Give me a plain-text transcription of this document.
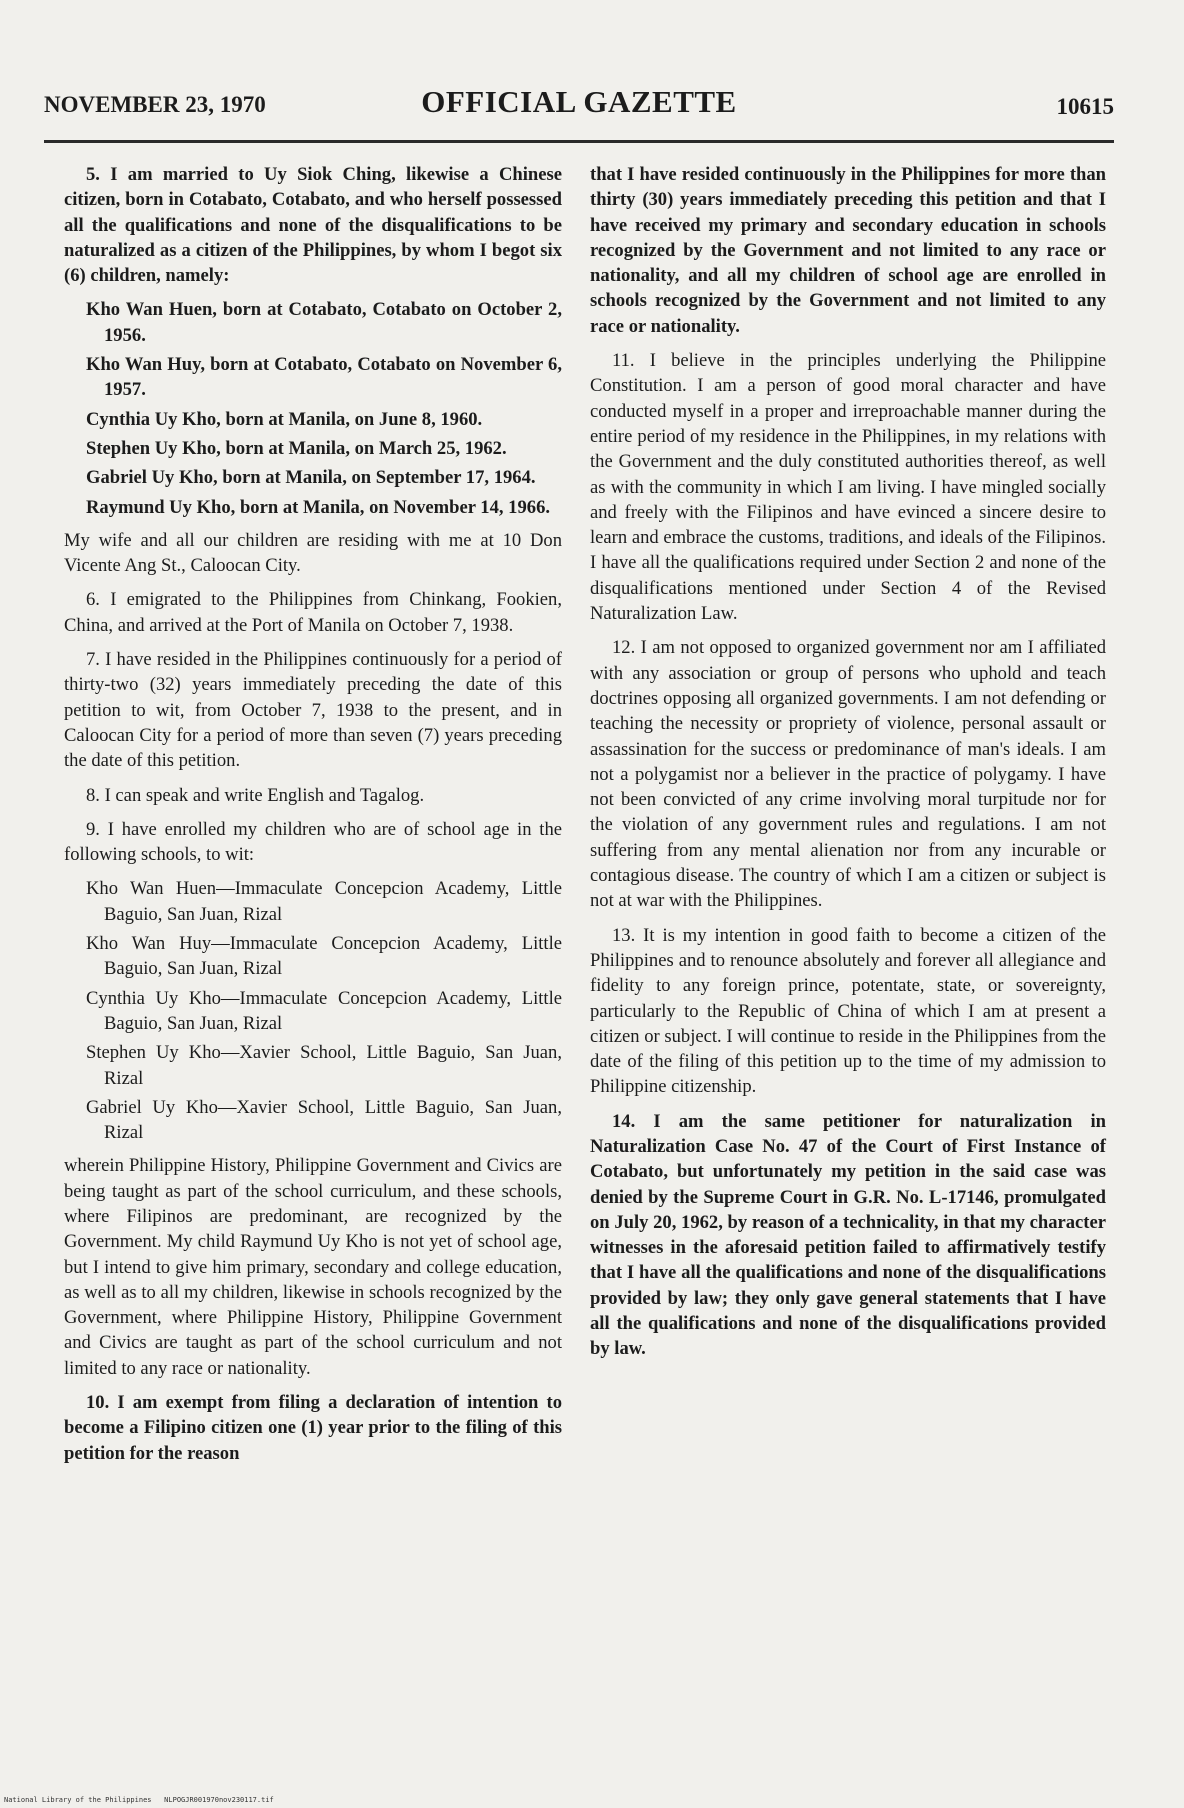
NOVEMBER 23, 1970	OFFICIAL GAZETTE	10615

5. I am married to Uy Siok Ching, likewise a Chinese citizen, born in Cotabato, Cotabato, and who herself possessed all the qualifications and none of the disqualifications to be naturalized as a citizen of the Philippines, by whom I begot six (6) children, namely:

Kho Wan Huen, born at Cotabato, Cotabato on October 2, 1956.

Kho Wan Huy, born at Cotabato, Cotabato on November 6, 1957.

Cynthia Uy Kho, born at Manila, on June 8, 1960.

Stephen Uy Kho, born at Manila, on March 25, 1962.

Gabriel Uy Kho, born at Manila, on September 17, 1964.

Raymund Uy Kho, born at Manila, on November 14, 1966.

My wife and all our children are residing with me at 10 Don Vicente Ang St., Caloocan City.

6. I emigrated to the Philippines from Chinkang, Fookien, China, and arrived at the Port of Manila on October 7, 1938.

7. I have resided in the Philippines continuously for a period of thirty-two (32) years immediately preceding the date of this petition to wit, from October 7, 1938 to the present, and in Caloocan City for a period of more than seven (7) years preceding the date of this petition.

8. I can speak and write English and Tagalog.

9. I have enrolled my children who are of school age in the following schools, to wit:

Kho Wan Huen—Immaculate Concepcion Academy, Little Baguio, San Juan, Rizal

Kho Wan Huy—Immaculate Concepcion Academy, Little Baguio, San Juan, Rizal

Cynthia Uy Kho—Immaculate Concepcion Academy, Little Baguio, San Juan, Rizal

Stephen Uy Kho—Xavier School, Little Baguio, San Juan, Rizal

Gabriel Uy Kho—Xavier School, Little Baguio, San Juan, Rizal

wherein Philippine History, Philippine Government and Civics are being taught as part of the school curriculum, and these schools, where Filipinos are predominant, are recognized by the Government. My child Raymund Uy Kho is not yet of school age, but I intend to give him primary, secondary and college education, as well as to all my children, likewise in schools recognized by the Government, where Philippine History, Philippine Government and Civics are taught as part of the school curriculum and not limited to any race or nationality.

10. I am exempt from filing a declaration of intention to become a Filipino citizen one (1) year prior to the filing of this petition for the reason

that I have resided continuously in the Philippines for more than thirty (30) years immediately preceding this petition and that I have received my primary and secondary education in schools recognized by the Government and not limited to any race or nationality, and all my children of school age are enrolled in schools recognized by the Government and not limited to any race or nationality.

11. I believe in the principles underlying the Philippine Constitution. I am a person of good moral character and have conducted myself in a proper and irreproachable manner during the entire period of my residence in the Philippines, in my relations with the Government and the duly constituted authorities thereof, as well as with the community in which I am living. I have mingled socially and freely with the Filipinos and have evinced a sincere desire to learn and embrace the customs, traditions, and ideals of the Filipinos. I have all the qualifications required under Section 2 and none of the disqualifications mentioned under Section 4 of the Revised Naturalization Law.

12. I am not opposed to organized government nor am I affiliated with any association or group of persons who uphold and teach doctrines opposing all organized governments. I am not defending or teaching the necessity or propriety of violence, personal assault or assassination for the success or predominance of man's ideals. I am not a polygamist nor a believer in the practice of polygamy. I have not been convicted of any crime involving moral turpitude nor for the violation of any government rules and regulations. I am not suffering from any mental alienation nor from any incurable or contagious disease. The country of which I am a citizen or subject is not at war with the Philippines.

13. It is my intention in good faith to become a citizen of the Philippines and to renounce absolutely and forever all allegiance and fidelity to any foreign prince, potentate, state, or sovereignty, particularly to the Republic of China of which I am at present a citizen or subject. I will continue to reside in the Philippines from the date of the filing of this petition up to the time of my admission to Philippine citizenship.

14. I am the same petitioner for naturalization in Naturalization Case No. 47 of the Court of First Instance of Cotabato, but unfortunately my petition in the said case was denied by the Supreme Court in G.R. No. L-17146, promulgated on July 20, 1962, by reason of a technicality, in that my character witnesses in the aforesaid petition failed to affirmatively testify that I have all the qualifications and none of the disqualifications provided by law; they only gave general statements that I have all the qualifications and none of the disqualifications provided by law.

National Library of the Philippines NLPOGJR001970nov230117.tif
